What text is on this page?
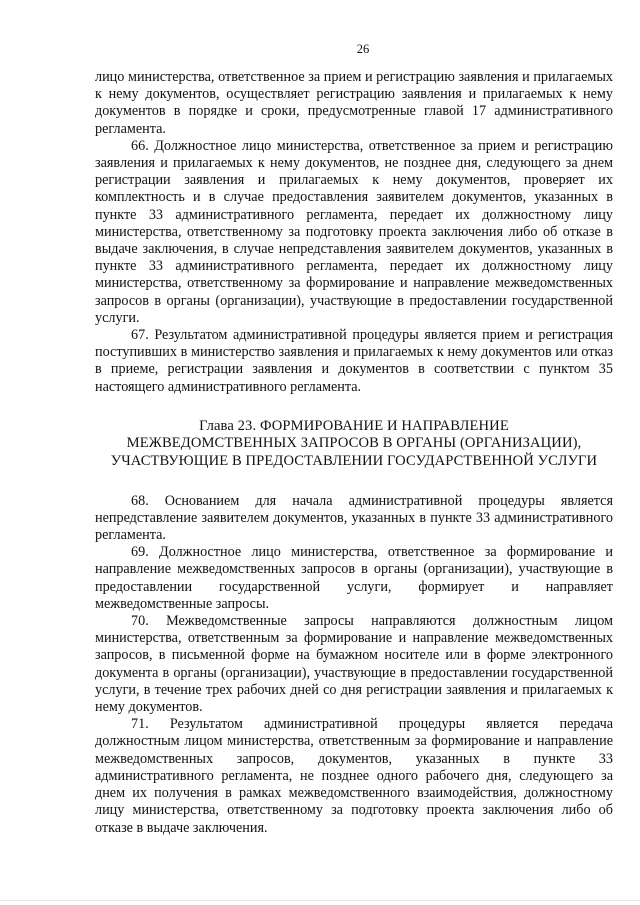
26

лицо министерства, ответственное за прием и регистрацию заявления и прилагаемых к нему документов, осуществляет регистрацию заявления и прилагаемых к нему документов в порядке и сроки, предусмотренные главой 17 административного регламента.

66. Должностное лицо министерства, ответственное за прием и регистрацию заявления и прилагаемых к нему документов, не позднее дня, следующего за днем регистрации заявления и прилагаемых к нему документов, проверяет их комплектность и в случае предоставления заявителем документов, указанных в пункте 33 административного регламента, передает их должностному лицу министерства, ответственному за подготовку проекта заключения либо об отказе в выдаче заключения, в случае непредставления заявителем документов, указанных в пункте 33 административного регламента, передает их должностному лицу министерства, ответственному за формирование и направление межведомственных запросов в органы (организации), участвующие в предоставлении государственной услуги.

67. Результатом административной процедуры является прием и регистрация поступивших в министерство заявления и прилагаемых к нему документов или отказ в приеме, регистрации заявления и документов в соответствии с пунктом 35 настоящего административного регламента.

Глава 23. ФОРМИРОВАНИЕ И НАПРАВЛЕНИЕ
МЕЖВЕДОМСТВЕННЫХ ЗАПРОСОВ В ОРГАНЫ (ОРГАНИЗАЦИИ),
УЧАСТВУЮЩИЕ В ПРЕДОСТАВЛЕНИИ ГОСУДАРСТВЕННОЙ УСЛУГИ

68. Основанием для начала административной процедуры является непредставление заявителем документов, указанных в пункте 33 административного регламента.

69. Должностное лицо министерства, ответственное за формирование и направление межведомственных запросов в органы (организации), участвующие в предоставлении государственной услуги, формирует и направляет межведомственные запросы.

70. Межведомственные запросы направляются должностным лицом министерства, ответственным за формирование и направление межведомственных запросов, в письменной форме на бумажном носителе или в форме электронного документа в органы (организации), участвующие в предоставлении государственной услуги, в течение трех рабочих дней со дня регистрации заявления и прилагаемых к нему документов.

71. Результатом административной процедуры является передача должностным лицом министерства, ответственным за формирование и направление межведомственных запросов, документов, указанных в пункте 33 административного регламента, не позднее одного рабочего дня, следующего за днем их получения в рамках межведомственного взаимодействия, должностному лицу министерства, ответственному за подготовку проекта заключения либо об отказе в выдаче заключения.
